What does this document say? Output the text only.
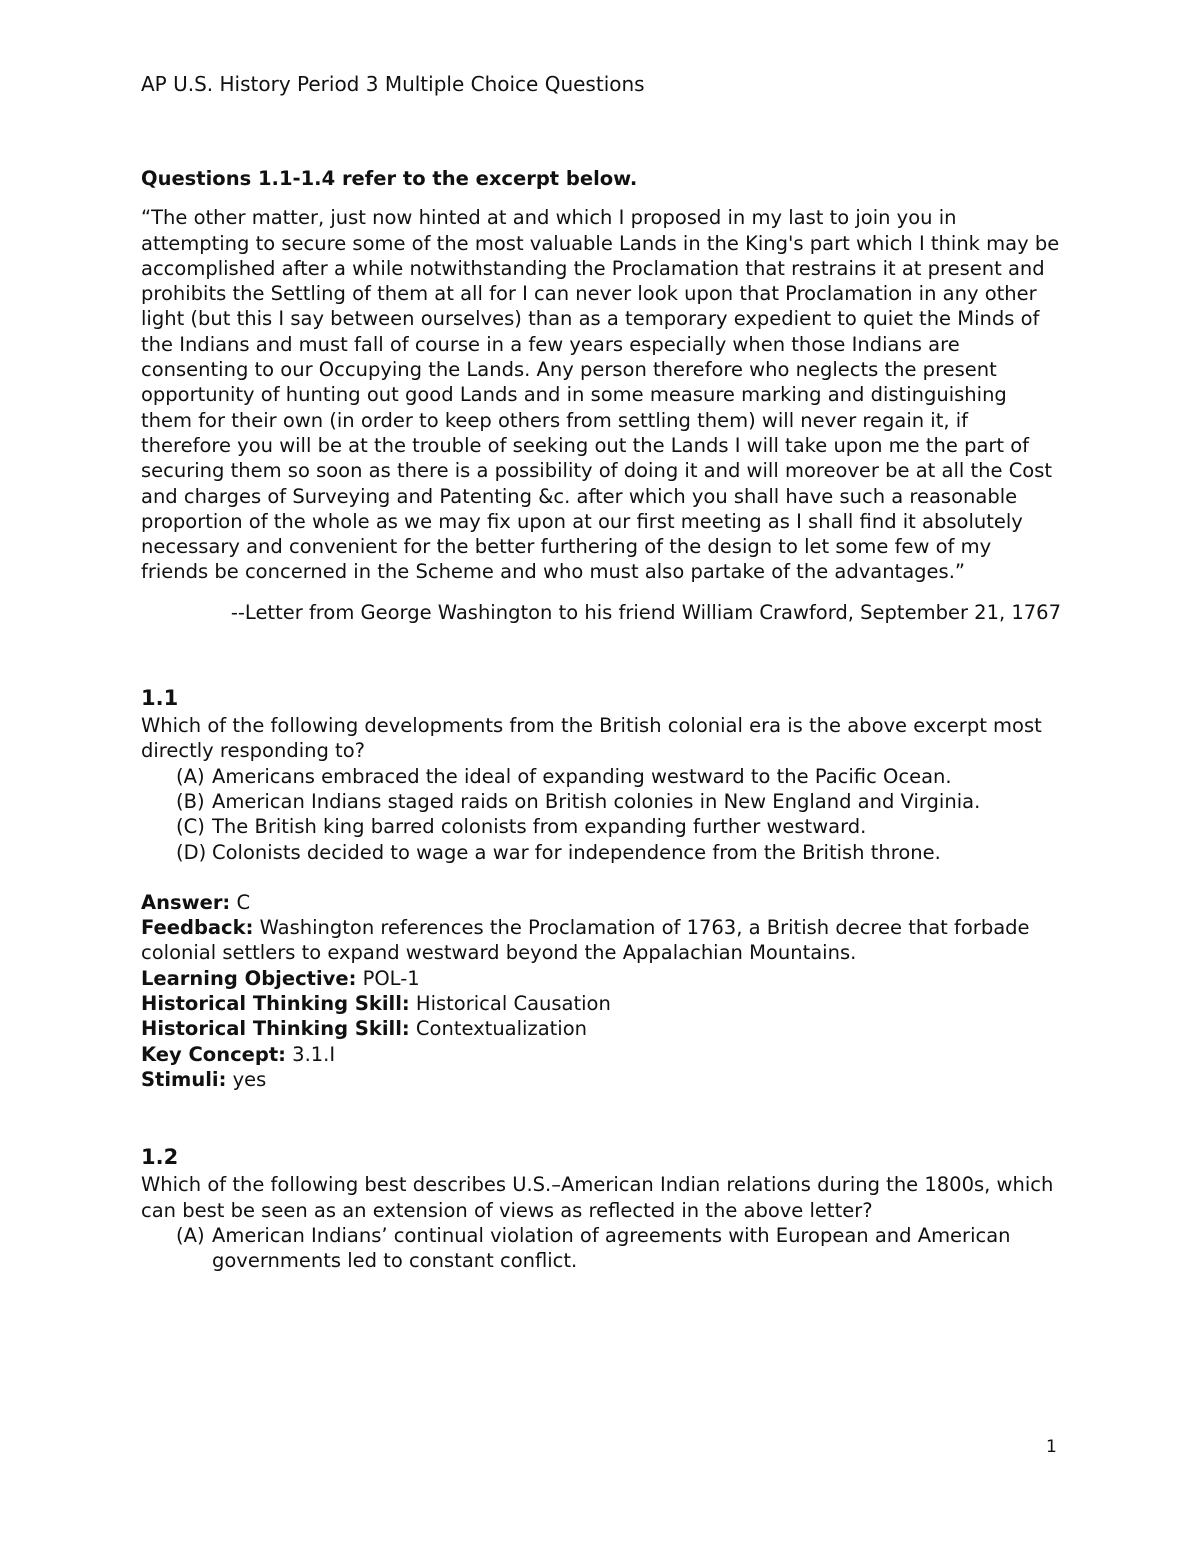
AP U.S. History Period 3 Multiple Choice Questions

Questions 1.1-1.4 refer to the excerpt below.

“The other matter, just now hinted at and which I proposed in my last to join you in attempting to secure some of the most valuable Lands in the King's part which I think may be accomplished after a while notwithstanding the Proclamation that restrains it at present and prohibits the Settling of them at all for I can never look upon that Proclamation in any other light (but this I say between ourselves) than as a temporary expedient to quiet the Minds of the Indians and must fall of course in a few years especially when those Indians are consenting to our Occupying the Lands. Any person therefore who neglects the present opportunity of hunting out good Lands and in some measure marking and distinguishing them for their own (in order to keep others from settling them) will never regain it, if therefore you will be at the trouble of seeking out the Lands I will take upon me the part of securing them so soon as there is a possibility of doing it and will moreover be at all the Cost and charges of Surveying and Patenting &c. after which you shall have such a reasonable proportion of the whole as we may fix upon at our first meeting as I shall find it absolutely necessary and convenient for the better furthering of the design to let some few of my friends be concerned in the Scheme and who must also partake of the advantages.”

--Letter from George Washington to his friend William Crawford, September 21, 1767

1.1

Which of the following developments from the British colonial era is the above excerpt most directly responding to?

(A) Americans embraced the ideal of expanding westward to the Pacific Ocean.
(B) American Indians staged raids on British colonies in New England and Virginia.
(C) The British king barred colonists from expanding further westward.
(D) Colonists decided to wage a war for independence from the British throne.

Answer: C

Feedback: Washington references the Proclamation of 1763, a British decree that forbade colonial settlers to expand westward beyond the Appalachian Mountains.

Learning Objective: POL-1

Historical Thinking Skill: Historical Causation

Historical Thinking Skill: Contextualization

Key Concept: 3.1.I

Stimuli: yes

1.2

Which of the following best describes U.S.–American Indian relations during the 1800s, which can best be seen as an extension of views as reflected in the above letter?

(A) American Indians’ continual violation of agreements with European and American governments led to constant conflict.
1
